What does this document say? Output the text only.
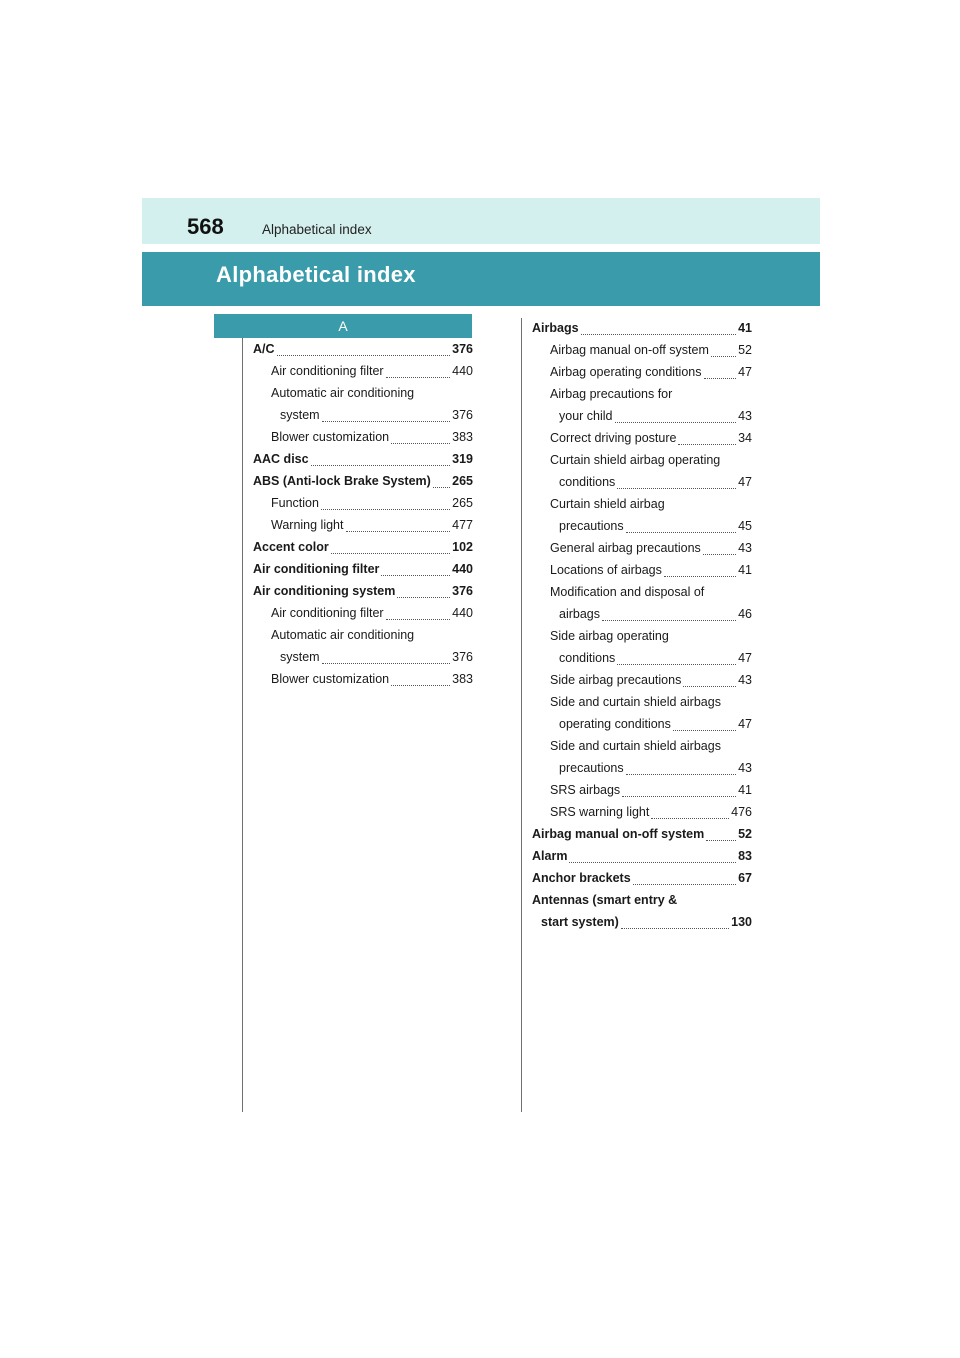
568	Alphabetical index
Alphabetical index
A
A/C	376
Air conditioning filter	440
Automatic air conditioning
system	376
Blower customization	383
AAC disc	319
ABS (Anti-lock Brake System) 265
Function	265
Warning light	477
Accent color	102
Air conditioning filter	440
Air conditioning system	376
Air conditioning filter	440
Automatic air conditioning
system	376
Blower customization	383
Airbags	41
Airbag manual on-off system 52
Airbag operating conditions	47
Airbag precautions for
your child	43
Correct driving posture	34
Curtain shield airbag operating
conditions	47
Curtain shield airbag
precautions	45
General airbag precautions	43
Locations of airbags	41
Modification and disposal of
airbags	46
Side airbag operating
conditions	47
Side airbag precautions	43
Side and curtain shield airbags
operating conditions	47
Side and curtain shield airbags
precautions	43
SRS airbags	41
SRS warning light	476
Airbag manual on-off system	52
Alarm	83
Anchor brackets	67
Antennas (smart entry &
start system)	130
